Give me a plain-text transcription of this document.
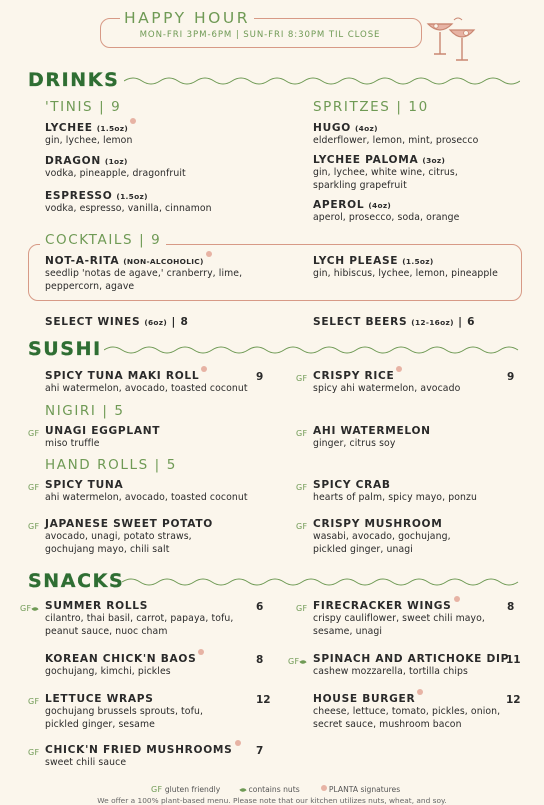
HAPPY HOUR
MON-FRI 3PM-6PM | SUN-FRI 8:30PM TIL CLOSE
DRINKS
'TINIS | 9
LYCHEE (1.5oz)
gin, lychee, lemon
DRAGON (1oz)
vodka, pineapple, dragonfruit
ESPRESSO (1.5oz)
vodka, espresso, vanilla, cinnamon
SPRITZES | 10
HUGO (4oz)
elderflower, lemon, mint, prosecco
LYCHEE PALOMA (3oz)
gin, lychee, white wine, citrus,
sparkling grapefruit
APEROL (4oz)
aperol, prosecco, soda, orange
COCKTAILS | 9
NOT-A-RITA (NON-ALCOHOLIC)
seedlip 'notas de agave,' cranberry, lime,
peppercorn, agave
LYCH PLEASE (1.5oz)
gin, hibiscus, lychee, lemon, pineapple
SELECT WINES (6oz) | 8	SELECT BEERS (12-16oz) | 6
SUSHI
SPICY TUNA MAKI ROLL
ahi watermelon, avocado, toasted coconut
9	GF CRISPY RICE
spicy ahi watermelon, avocado
9
NIGIRI | 5
GF UNAGI EGGPLANT
miso truffle
GF AHI WATERMELON
ginger, citrus soy
HAND ROLLS | 5
GF SPICY TUNA
ahi watermelon, avocado, toasted coconut
GF SPICY CRAB
hearts of palm, spicy mayo, ponzu
GF JAPANESE SWEET POTATO
avocado, unagi, potato straws,
gochujang mayo, chili salt
GF CRISPY MUSHROOM
wasabi, avocado, gochujang,
pickled ginger, unagi
SNACKS
GF	SUMMER ROLLS
cilantro, thai basil, carrot, papaya, tofu,
peanut sauce, nuoc cham
6	GF FIRECRACKER WINGS
crispy cauliflower, sweet chili mayo,
sesame, unagi
8
KOREAN CHICK'N BAOS
gochujang, kimchi, pickles
8	GF	SPINACH AND ARTICHOKE DIP
cashew mozzarella, tortilla chips
11
GF LETTUCE WRAPS
gochujang brussels sprouts, tofu,
pickled ginger, sesame
12	HOUSE BURGER
cheese, lettuce, tomato, pickles, onion,
secret sauce, mushroom bacon
12
GF CHICK'N FRIED MUSHROOMS
sweet chili sauce
7
GF gluten friendly	contains nuts	PLANTA signatures
We offer a 100% plant-based menu. Please note that our kitchen utilizes nuts, wheat, and soy.
